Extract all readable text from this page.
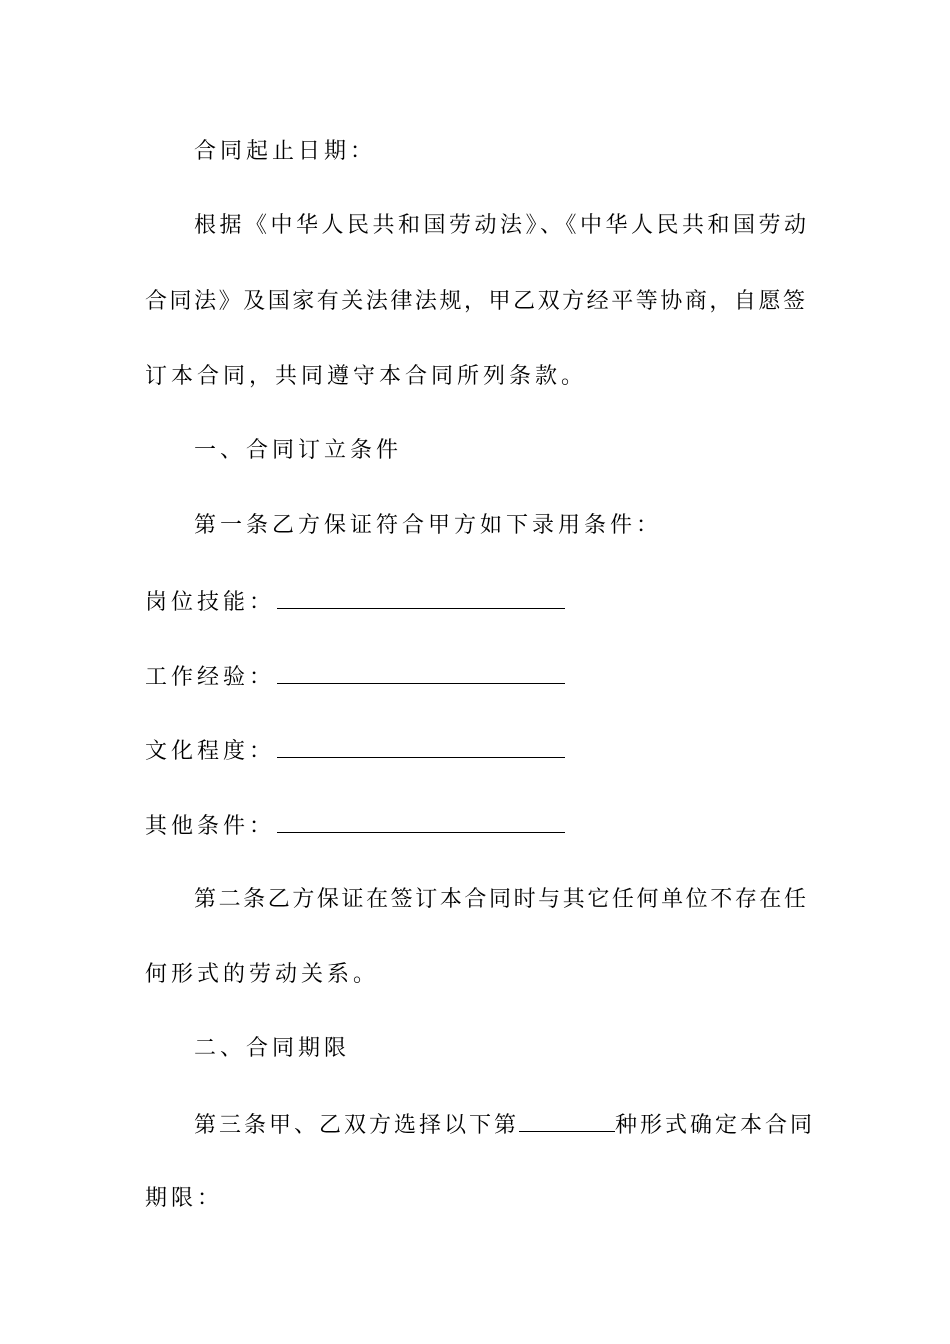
合同起止日期：
根据《中华人民共和国劳动法》、《中华人民共和国劳动
合同法》及国家有关法律法规，甲乙双方经平等协商，自愿签
订本合同，共同遵守本合同所列条款。
一、合同订立条件
第一条乙方保证符合甲方如下录用条件：
岗位技能：
工作经验：
文化程度：
其他条件：
第二条乙方保证在签订本合同时与其它任何单位不存在任
何形式的劳动关系。
二、合同期限
第三条甲、乙双方选择以下第	种形式确定本合同
期限：
